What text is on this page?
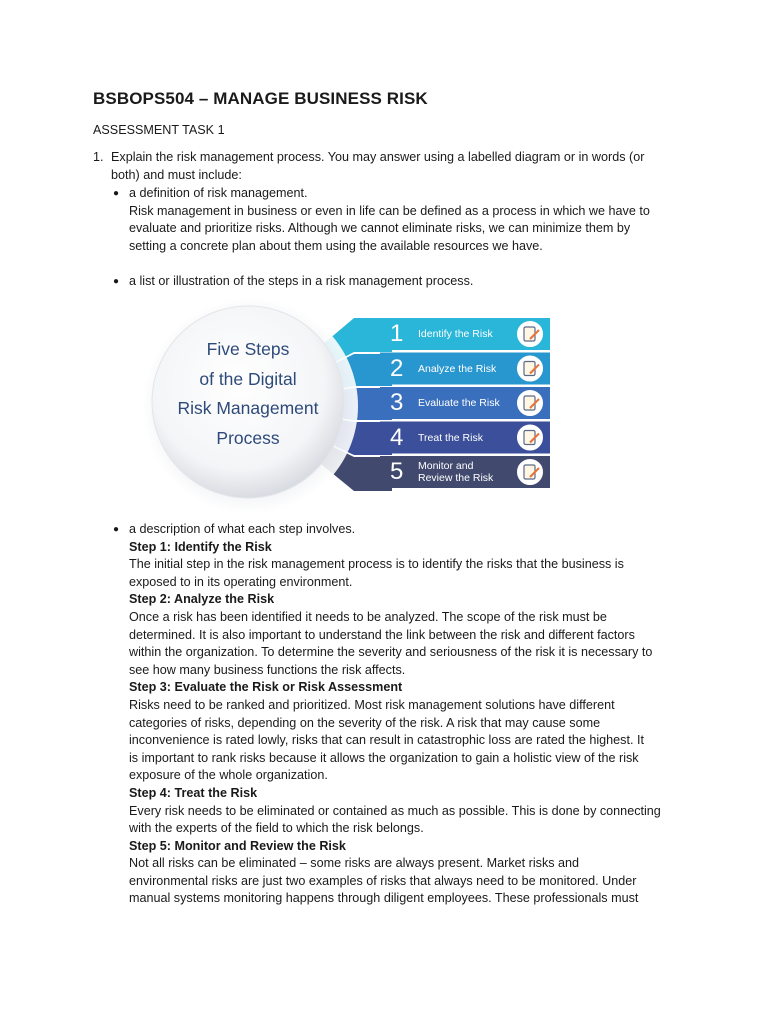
BSBOPS504 – MANAGE BUSINESS RISK
ASSESSMENT TASK 1
1. Explain the risk management process. You may answer using a labelled diagram or in words (or
both) and must include:
● a definition of risk management.
Risk management in business or even in life can be defined as a process in which we have to
evaluate and prioritize risks. Although we cannot eliminate risks, we can minimize them by
setting a concrete plan about them using the available resources we have.
● a list or illustration of the steps in a risk management process.
Five Steps
of the Digital
Risk Management
Process
1 Identify the Risk
2 Analyze the Risk
3 Evaluate the Risk
4 Treat the Risk
5 Monitor and
Review the Risk
● a description of what each step involves.
Step 1: Identify the Risk
The initial step in the risk management process is to identify the risks that the business is
exposed to in its operating environment.
Step 2: Analyze the Risk
Once a risk has been identified it needs to be analyzed. The scope of the risk must be
determined. It is also important to understand the link between the risk and different factors
within the organization. To determine the severity and seriousness of the risk it is necessary to
see how many business functions the risk affects.
Step 3: Evaluate the Risk or Risk Assessment
Risks need to be ranked and prioritized. Most risk management solutions have different
categories of risks, depending on the severity of the risk. A risk that may cause some
inconvenience is rated lowly, risks that can result in catastrophic loss are rated the highest. It
is important to rank risks because it allows the organization to gain a holistic view of the risk
exposure of the whole organization.
Step 4: Treat the Risk
Every risk needs to be eliminated or contained as much as possible. This is done by connecting
with the experts of the field to which the risk belongs.
Step 5: Monitor and Review the Risk
Not all risks can be eliminated – some risks are always present. Market risks and
environmental risks are just two examples of risks that always need to be monitored. Under
manual systems monitoring happens through diligent employees. These professionals must
